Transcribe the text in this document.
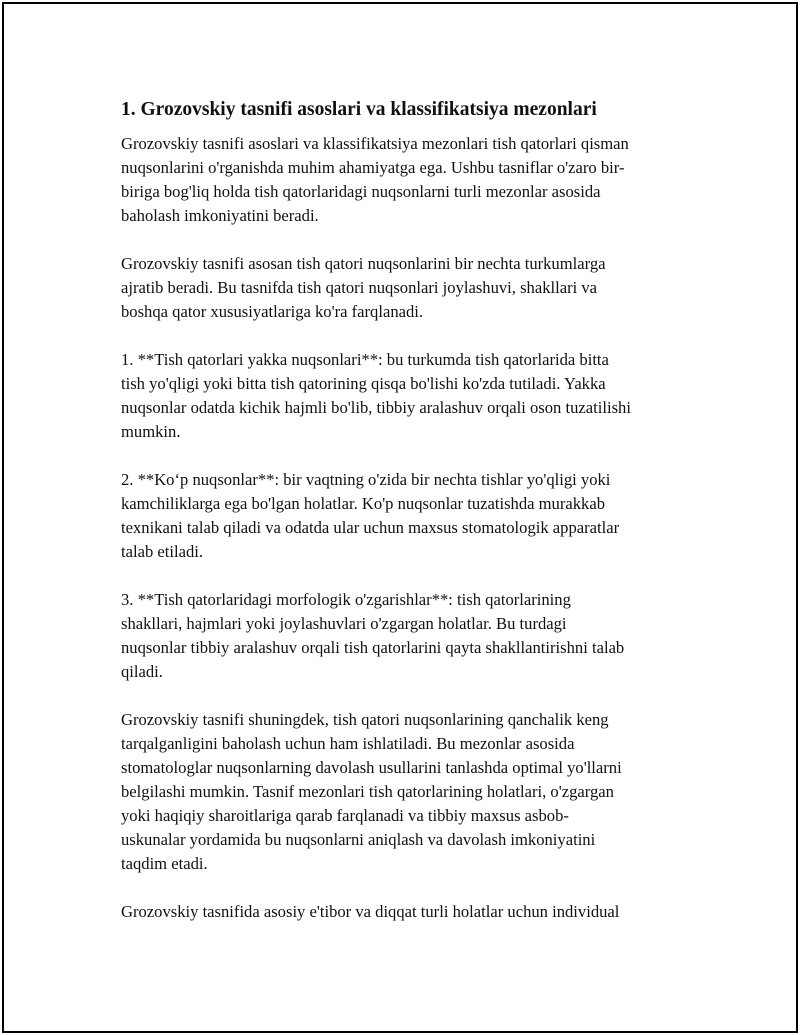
1. Grozovskiy tasnifi asoslari va klassifikatsiya mezonlari
Grozovskiy tasnifi asoslari va klassifikatsiya mezonlari tish qatorlari qisman
nuqsonlarini o'rganishda muhim ahamiyatga ega. Ushbu tasniflar o'zaro bir-
biriga bog'liq holda tish qatorlaridagi nuqsonlarni turli mezonlar asosida
baholash imkoniyatini beradi.
Grozovskiy tasnifi asosan tish qatori nuqsonlarini bir nechta turkumlarga
ajratib beradi. Bu tasnifda tish qatori nuqsonlari joylashuvi, shakllari va
boshqa qator xususiyatlariga ko'ra farqlanadi.
1. **Tish qatorlari yakka nuqsonlari**: bu turkumda tish qatorlarida bitta
tish yo'qligi yoki bitta tish qatorining qisqa bo'lishi ko'zda tutiladi. Yakka
nuqsonlar odatda kichik hajmli bo'lib, tibbiy aralashuv orqali oson tuzatilishi
mumkin.
2. **Ko‘p nuqsonlar**: bir vaqtning o'zida bir nechta tishlar yo'qligi yoki
kamchiliklarga ega bo'lgan holatlar. Ko'p nuqsonlar tuzatishda murakkab
texnikani talab qiladi va odatda ular uchun maxsus stomatologik apparatlar
talab etiladi.
3. **Tish qatorlaridagi morfologik o'zgarishlar**: tish qatorlarining
shakllari, hajmlari yoki joylashuvlari o'zgargan holatlar. Bu turdagi
nuqsonlar tibbiy aralashuv orqali tish qatorlarini qayta shakllantirishni talab
qiladi.
Grozovskiy tasnifi shuningdek, tish qatori nuqsonlarining qanchalik keng
tarqalganligini baholash uchun ham ishlatiladi. Bu mezonlar asosida
stomatologlar nuqsonlarning davolash usullarini tanlashda optimal yo'llarni
belgilashi mumkin. Tasnif mezonlari tish qatorlarining holatlari, o'zgargan
yoki haqiqiy sharoitlariga qarab farqlanadi va tibbiy maxsus asbob-
uskunalar yordamida bu nuqsonlarni aniqlash va davolash imkoniyatini
taqdim etadi.
Grozovskiy tasnifida asosiy e'tibor va diqqat turli holatlar uchun individual
